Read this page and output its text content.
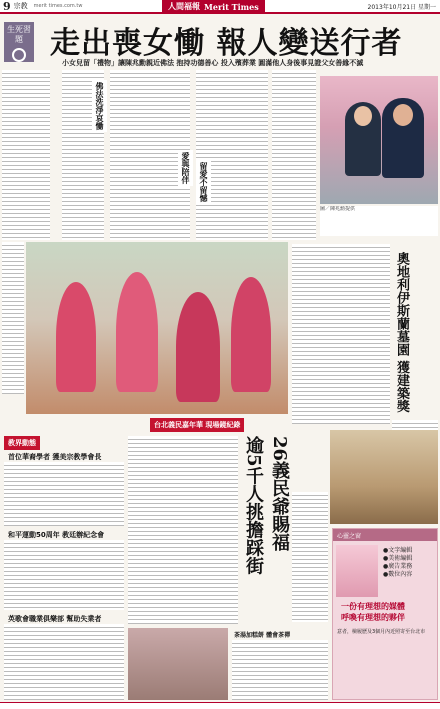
9 宗教 merit times.com.tw	人間福報 Merit Times	2013年10月21日 星期一
生死習題 走出喪女慟 報人變送行者
小女兒留「禮物」讓陳兆勳親近佛法 抱持功德善心 投入殯葬業 圓滿他人身後事見證父女善緣不滅
佛法洗淨哀慟
愛與陪伴	留愛不留憾
圖／陳兆勳提供
台北義民嘉年華 現場鏡紀錄
奧地利伊斯蘭墓園 獲建築獎
教界動態
首位華裔學者 獲美宗教學會長
和平運動50周年 教廷辦紀念會
英歌會職業俱樂部 幫助失業者
逾5千人挑擔踩街 26義民爺賜福
茶湯加糕餅 體會茶禪
心靈之窗
一份有理想的媒體
呼喚有理想的夥伴
●文字編輯
●美術編輯
●廣告業務
●數位內容
意者，檢履歷及3個月內近照寄至台北市
